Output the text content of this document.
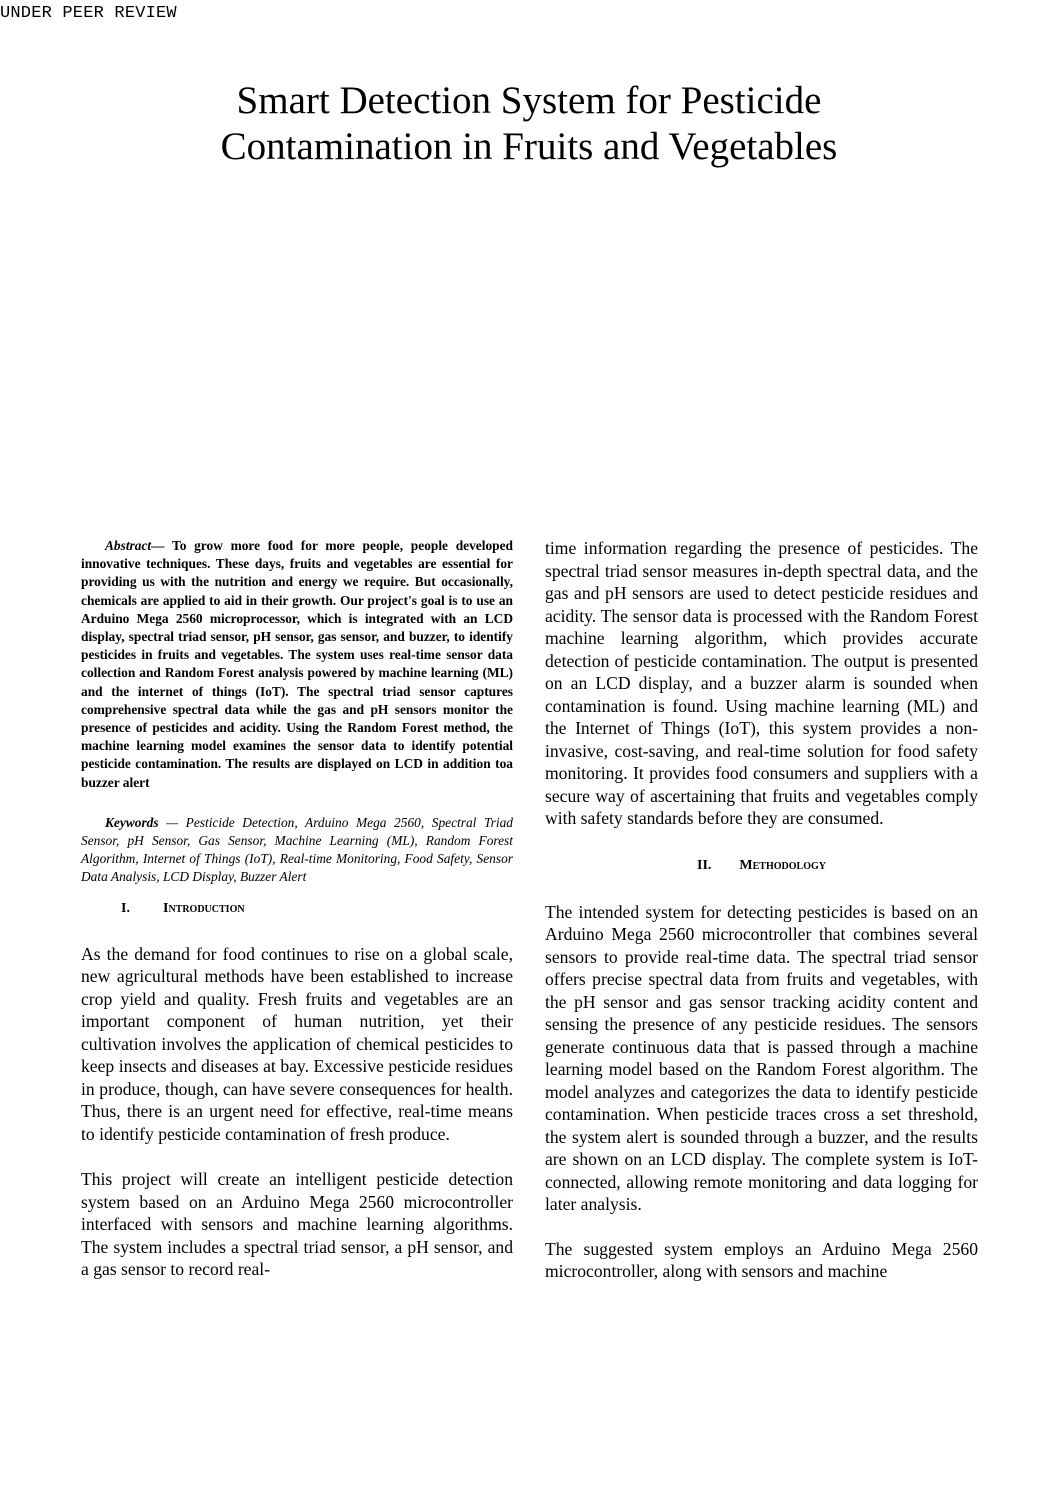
UNDER PEER REVIEW
Smart Detection System for Pesticide
Contamination in Fruits and Vegetables

Abstract— To grow more food for more people, people developed innovative techniques. These days, fruits and vegetables are essential for providing us with the nutrition and energy we require. But occasionally, chemicals are applied to aid in their growth. Our project's goal is to use an Arduino Mega 2560 microprocessor, which is integrated with an LCD display, spectral triad sensor, pH sensor, gas sensor, and buzzer, to identify pesticides in fruits and vegetables. The system uses real-time sensor data collection and Random Forest analysis powered by machine learning (ML) and the internet of things (IoT). The spectral triad sensor captures comprehensive spectral data while the gas and pH sensors monitor the presence of pesticides and acidity. Using the Random Forest method, the machine learning model examines the sensor data to identify potential pesticide contamination. The results are displayed on LCD in addition toa buzzer alert

Keywords — Pesticide Detection, Arduino Mega 2560, Spectral Triad Sensor, pH Sensor, Gas Sensor, Machine Learning (ML), Random Forest Algorithm, Internet of Things (IoT), Real-time Monitoring, Food Safety, Sensor Data Analysis, LCD Display, Buzzer Alert

I. Introduction

As the demand for food continues to rise on a global scale, new agricultural methods have been established to increase crop yield and quality. Fresh fruits and vegetables are an important component of human nutrition, yet their cultivation involves the application of chemical pesticides to keep insects and diseases at bay. Excessive pesticide residues in produce, though, can have severe consequences for health. Thus, there is an urgent need for effective, real-time means to identify pesticide contamination of fresh produce.

This project will create an intelligent pesticide detection system based on an Arduino Mega 2560 microcontroller interfaced with sensors and machine learning algorithms. The system includes a spectral triad sensor, a pH sensor, and a gas sensor to record real-

time information regarding the presence of pesticides. The spectral triad sensor measures in-depth spectral data, and the gas and pH sensors are used to detect pesticide residues and acidity. The sensor data is processed with the Random Forest machine learning algorithm, which provides accurate detection of pesticide contamination. The output is presented on an LCD display, and a buzzer alarm is sounded when contamination is found. Using machine learning (ML) and the Internet of Things (IoT), this system provides a non-invasive, cost-saving, and real-time solution for food safety monitoring. It provides food consumers and suppliers with a secure way of ascertaining that fruits and vegetables comply with safety standards before they are consumed.

II. Methodology

The intended system for detecting pesticides is based on an Arduino Mega 2560 microcontroller that combines several sensors to provide real-time data. The spectral triad sensor offers precise spectral data from fruits and vegetables, with the pH sensor and gas sensor tracking acidity content and sensing the presence of any pesticide residues. The sensors generate continuous data that is passed through a machine learning model based on the Random Forest algorithm. The model analyzes and categorizes the data to identify pesticide contamination. When pesticide traces cross a set threshold, the system alert is sounded through a buzzer, and the results are shown on an LCD display. The complete system is IoT-connected, allowing remote monitoring and data logging for later analysis.

The suggested system employs an Arduino Mega 2560 microcontroller, along with sensors and machine
